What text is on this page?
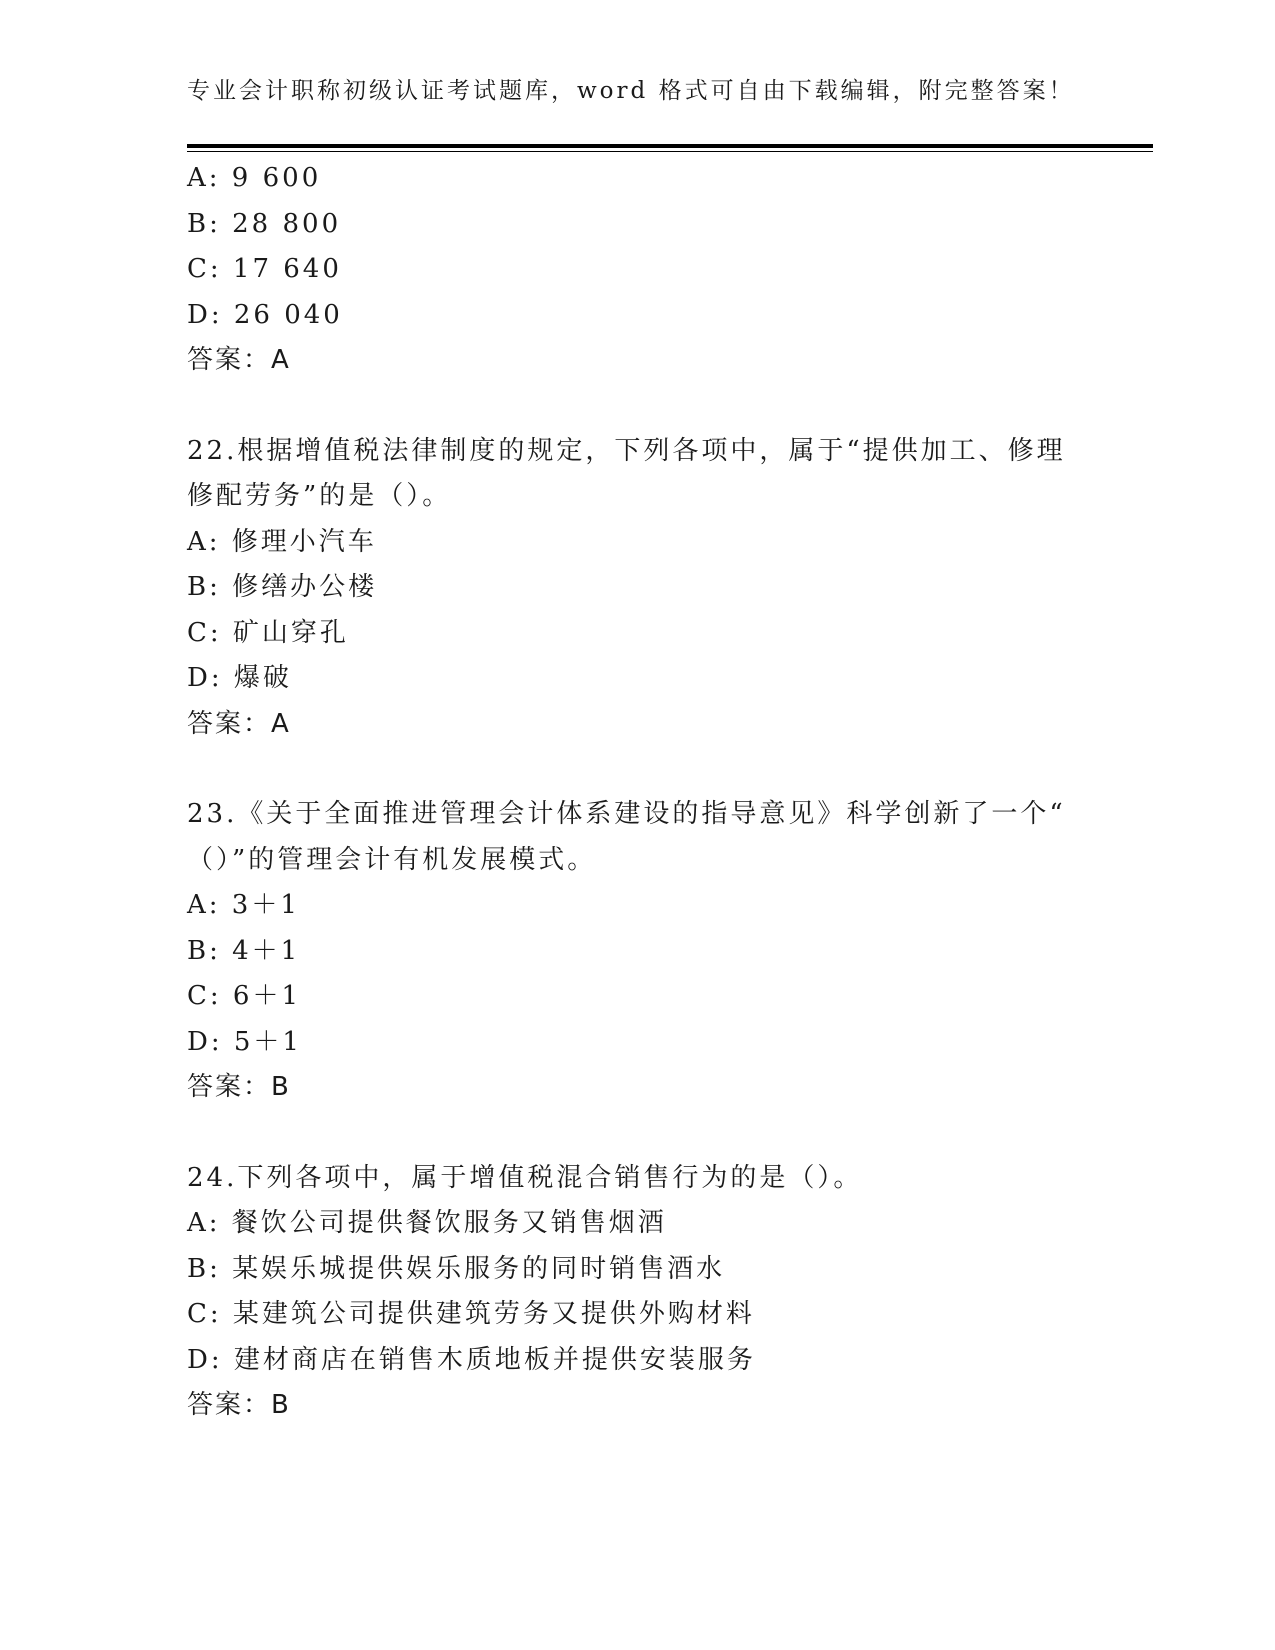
专业会计职称初级认证考试题库，word 格式可自由下载编辑，附完整答案！
A: 9 600
B: 28 800
C: 17 640
D: 26 040
答案：A
22.根据增值税法律制度的规定，下列各项中，属于“提供加工、修理
修配劳务”的是（）。
A: 修理小汽车
B: 修缮办公楼
C: 矿山穿孔
D: 爆破
答案：A
23.《关于全面推进管理会计体系建设的指导意见》科学创新了一个“
（）”的管理会计有机发展模式。
A: 3＋1
B: 4＋1
C: 6＋1
D: 5＋1
答案：B
24.下列各项中，属于增值税混合销售行为的是（）。
A: 餐饮公司提供餐饮服务又销售烟酒
B: 某娱乐城提供娱乐服务的同时销售酒水
C: 某建筑公司提供建筑劳务又提供外购材料
D: 建材商店在销售木质地板并提供安装服务
答案：B
